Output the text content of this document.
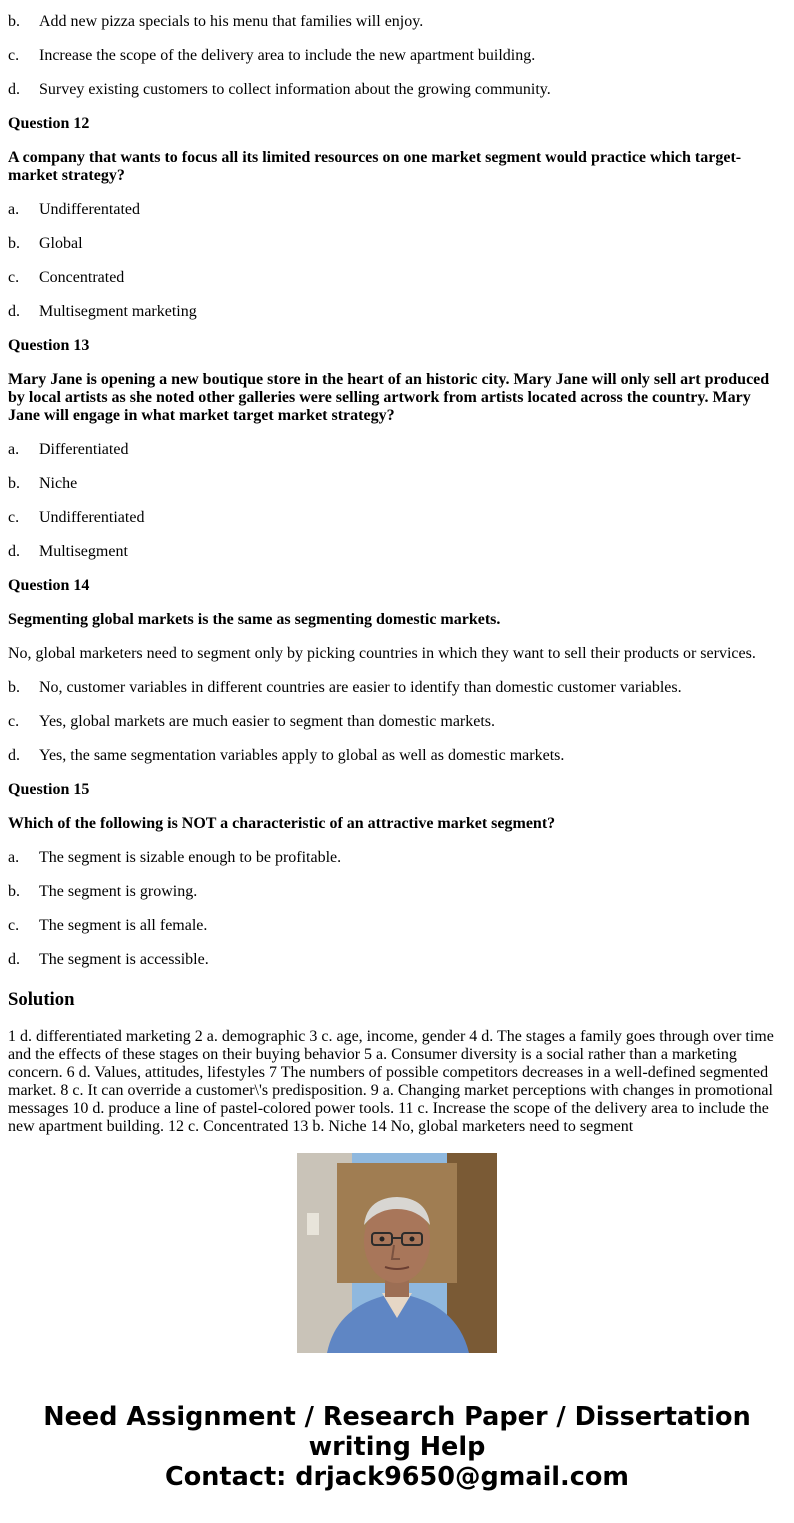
b. Add new pizza specials to his menu that families will enjoy.

c. Increase the scope of the delivery area to include the new apartment building.

d. Survey existing customers to collect information about the growing community.

Question 12

A company that wants to focus all its limited resources on one market segment would practice which target-market strategy?

a. Undifferentated

b. Global

c. Concentrated

d. Multisegment marketing

Question 13

Mary Jane is opening a new boutique store in the heart of an historic city. Mary Jane will only sell art produced by local artists as she noted other galleries were selling artwork from artists located across the country. Mary Jane will engage in what market target market strategy?

a. Differentiated

b. Niche

c. Undifferentiated

d. Multisegment

Question 14

Segmenting global markets is the same as segmenting domestic markets.

No, global marketers need to segment only by picking countries in which they want to sell their products or services.

b. No, customer variables in different countries are easier to identify than domestic customer variables.

c. Yes, global markets are much easier to segment than domestic markets.

d. Yes, the same segmentation variables apply to global as well as domestic markets.

Question 15

Which of the following is NOT a characteristic of an attractive market segment?

a. The segment is sizable enough to be profitable.

b. The segment is growing.

c. The segment is all female.

d. The segment is accessible.

Solution
1 d. differentiated marketing 2 a. demographic 3 c. age, income, gender 4 d. The stages a family goes through over time and the effects of these stages on their buying behavior 5 a. Consumer diversity is a social rather than a marketing concern. 6 d. Values, attitudes, lifestyles 7 The numbers of possible competitors decreases in a well-defined segmented market. 8 c. It can override a customer\'s predisposition. 9 a. Changing market perceptions with changes in promotional messages 10 d. produce a line of pastel-colored power tools. 11 c. Increase the scope of the delivery area to include the new apartment building. 12 c. Concentrated 13 b. Niche 14 No, global marketers need to segment
Need Assignment / Research Paper / Dissertation
writing Help
Contact: drjack9650@gmail.com
